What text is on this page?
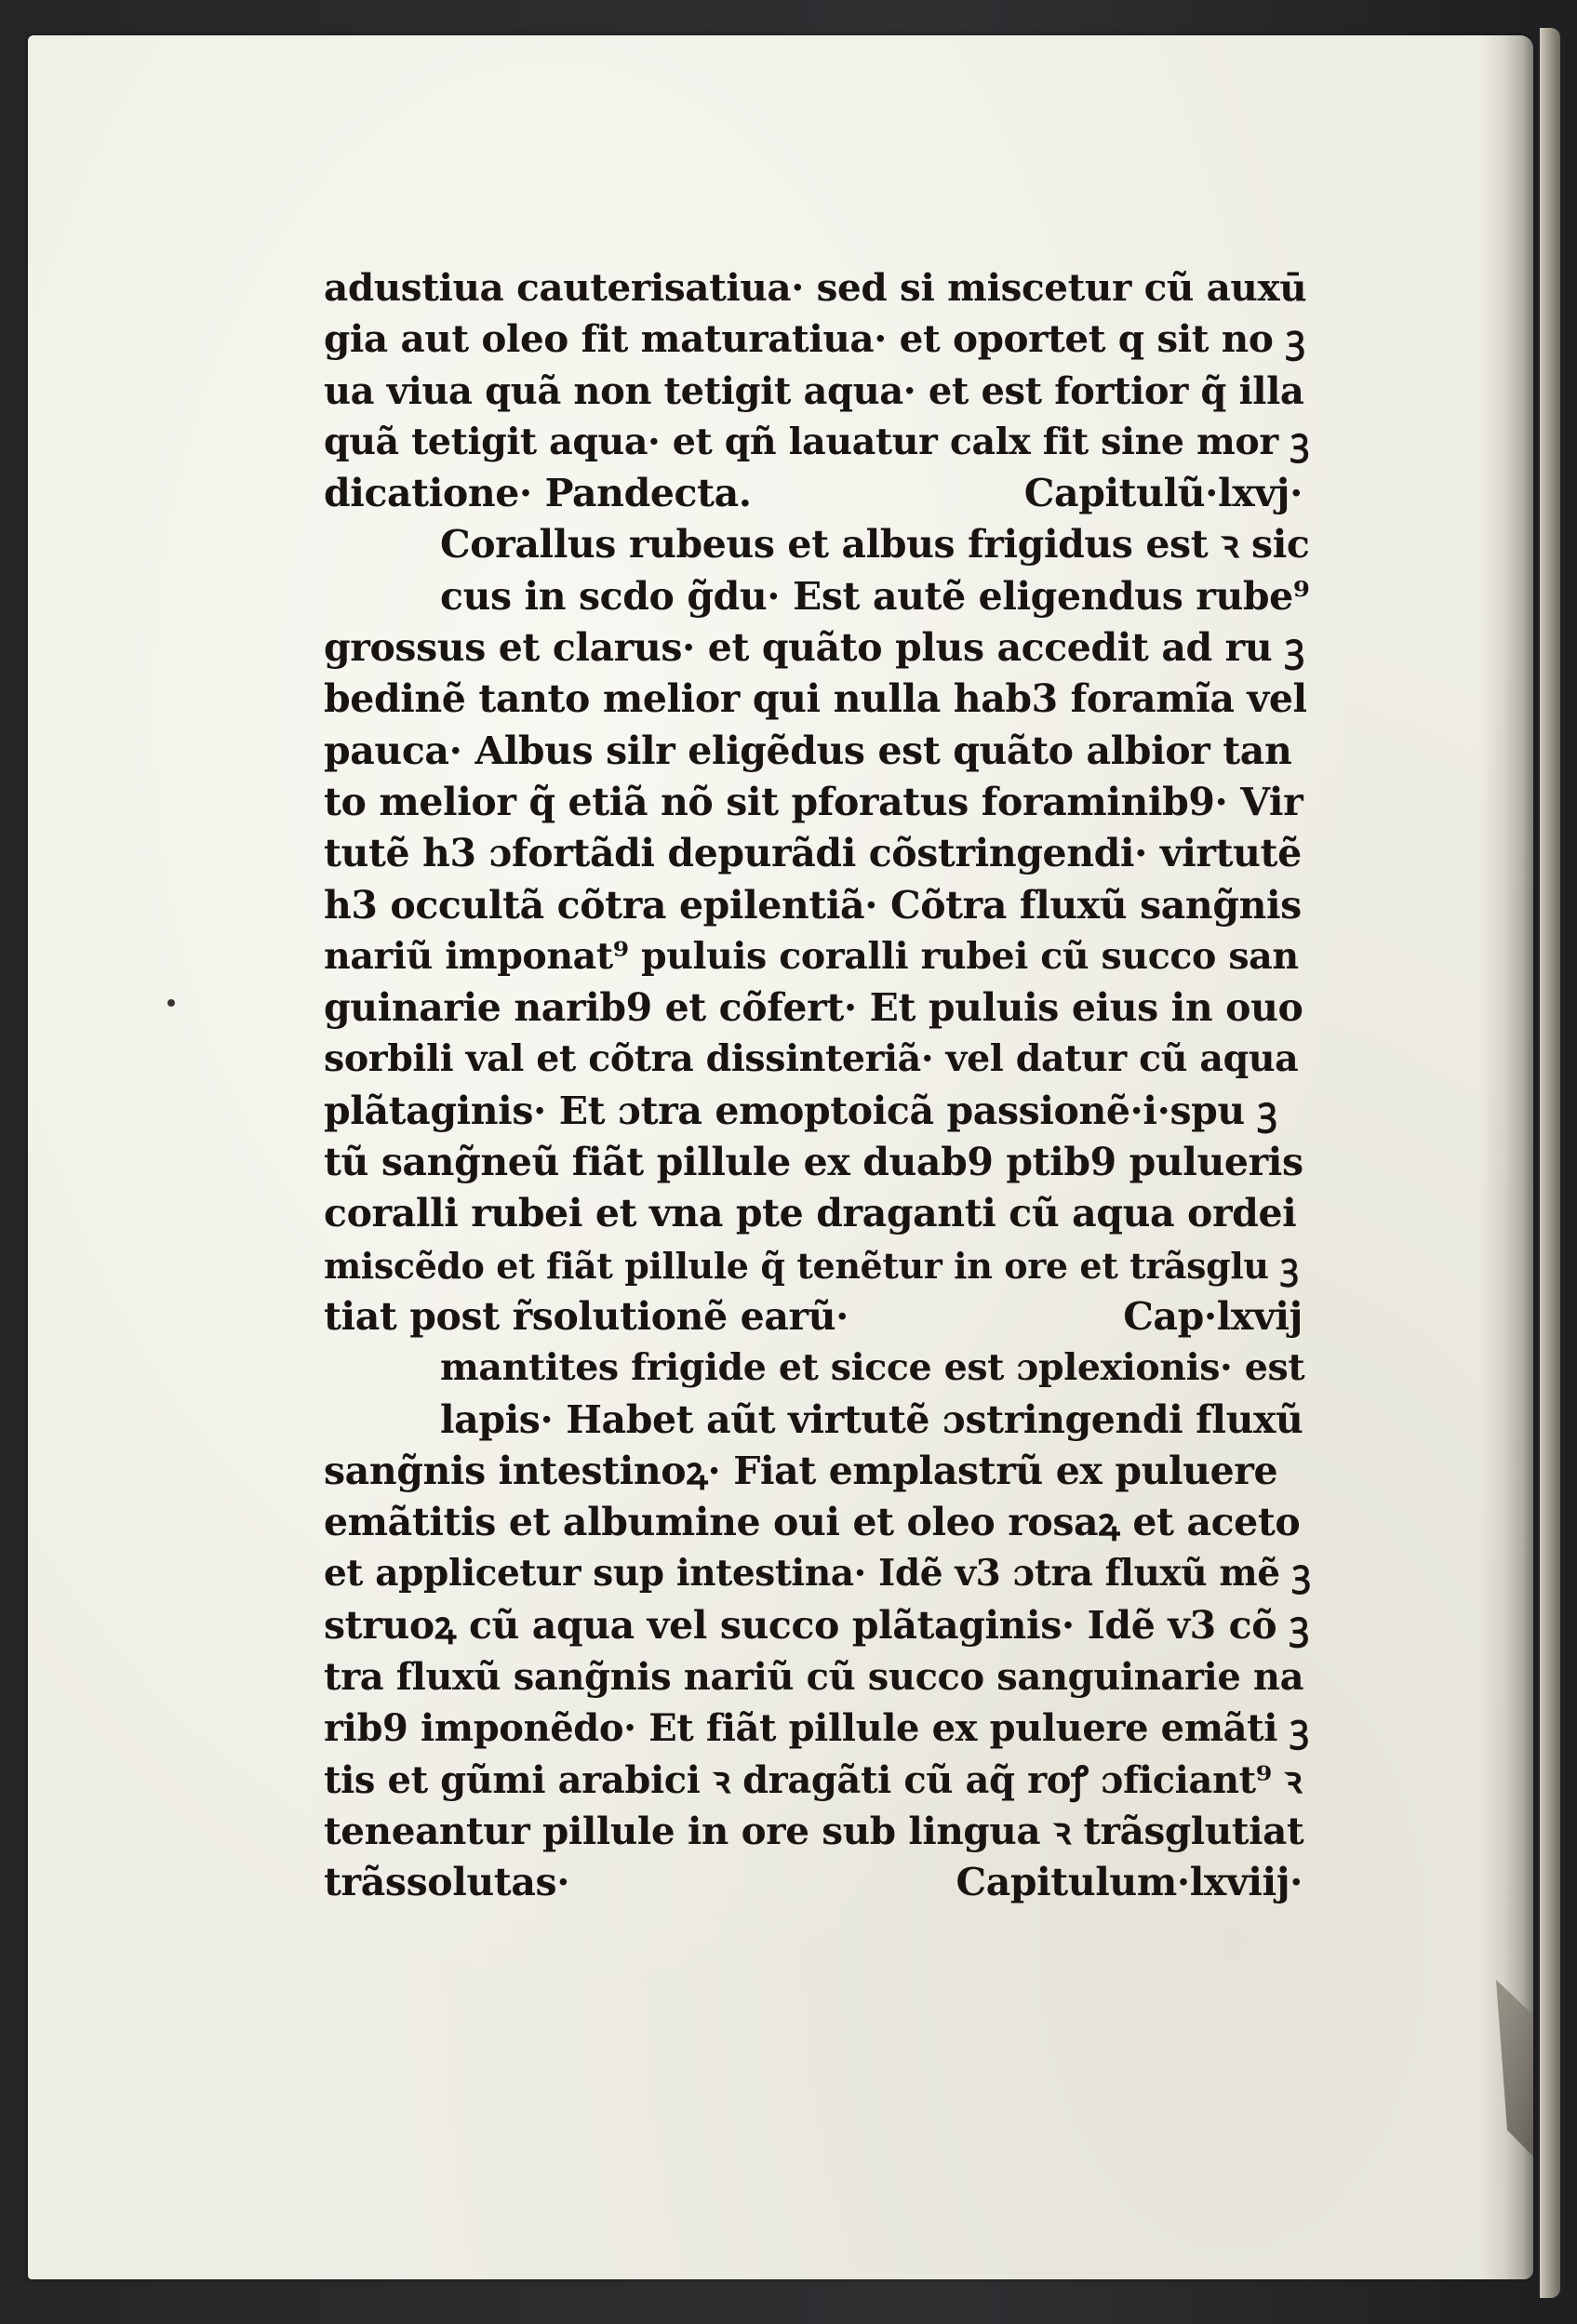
adustiua cauterisatiua· sed si miscetur cũ auxū
gia aut oleo fit maturatiua· et oportet q sit no ꝫ
ua viua quã non tetigit aqua· et est fortior q̃ illa
quã tetigit aqua· et qñ lauatur calx fit sine mor ꝫ
dicatione· Pandecta.	Capitulũ·lxvj·
Corallus rubeus et albus frigidus est ꝛ sic
cus in scdo g̃du· Est autẽ eligendus rube⁹
grossus et clarus· et quãto plus accedit ad ru ꝫ
bedinẽ tanto melior qui nulla hab3 foramĩa vel
pauca· Albus silr eligẽdus est quãto albior tan
to melior q̃ etiã nõ sit pforatus foraminib9· Vir
tutẽ h3 ɔfortãdi depurãdi cõstringendi· virtutẽ
h3 occultã cõtra epilentiã· Cõtra fluxũ sang̃nis
nariũ imponat⁹ puluis coralli rubei cũ succo san
guinarie narib9 et cõfert· Et puluis eius in ouo
sorbili val et cõtra dissinteriã· vel datur cũ aqua
plãtaginis· Et ɔtra emoptoicã passionẽ·i·spu ꝫ
tũ sang̃neũ fiãt pillule ex duab9 ptib9 pulueris
coralli rubei et vna pte draganti cũ aqua ordei
miscẽdo et fiãt pillule q̃ tenẽtur in ore et trãsglu ꝫ
tiat post r̃solutionẽ earũ·	Cap·lxvij
mantites frigide et sicce est ɔplexionis· est
lapis· Habet aũt virtutẽ ɔstringendi fluxũ
sang̃nis intestinoꝝ· Fiat emplastrũ ex puluere
emãtitis et albumine oui et oleo rosaꝝ et aceto
et applicetur sup intestina· Idẽ v3 ɔtra fluxũ mẽ ꝫ
struoꝝ cũ aqua vel succo plãtaginis· Idẽ v3 cõ ꝫ
tra fluxũ sang̃nis nariũ cũ succo sanguinarie na
rib9 imponẽdo· Et fiãt pillule ex puluere emãti ꝫ
tis et gũmi arabici ꝛ dragãti cũ aq̃ roꝭ ɔficiant⁹ ꝛ
teneantur pillule in ore sub lingua ꝛ trãsglutiat
trãssolutas·	Capitulum·lxviij·
